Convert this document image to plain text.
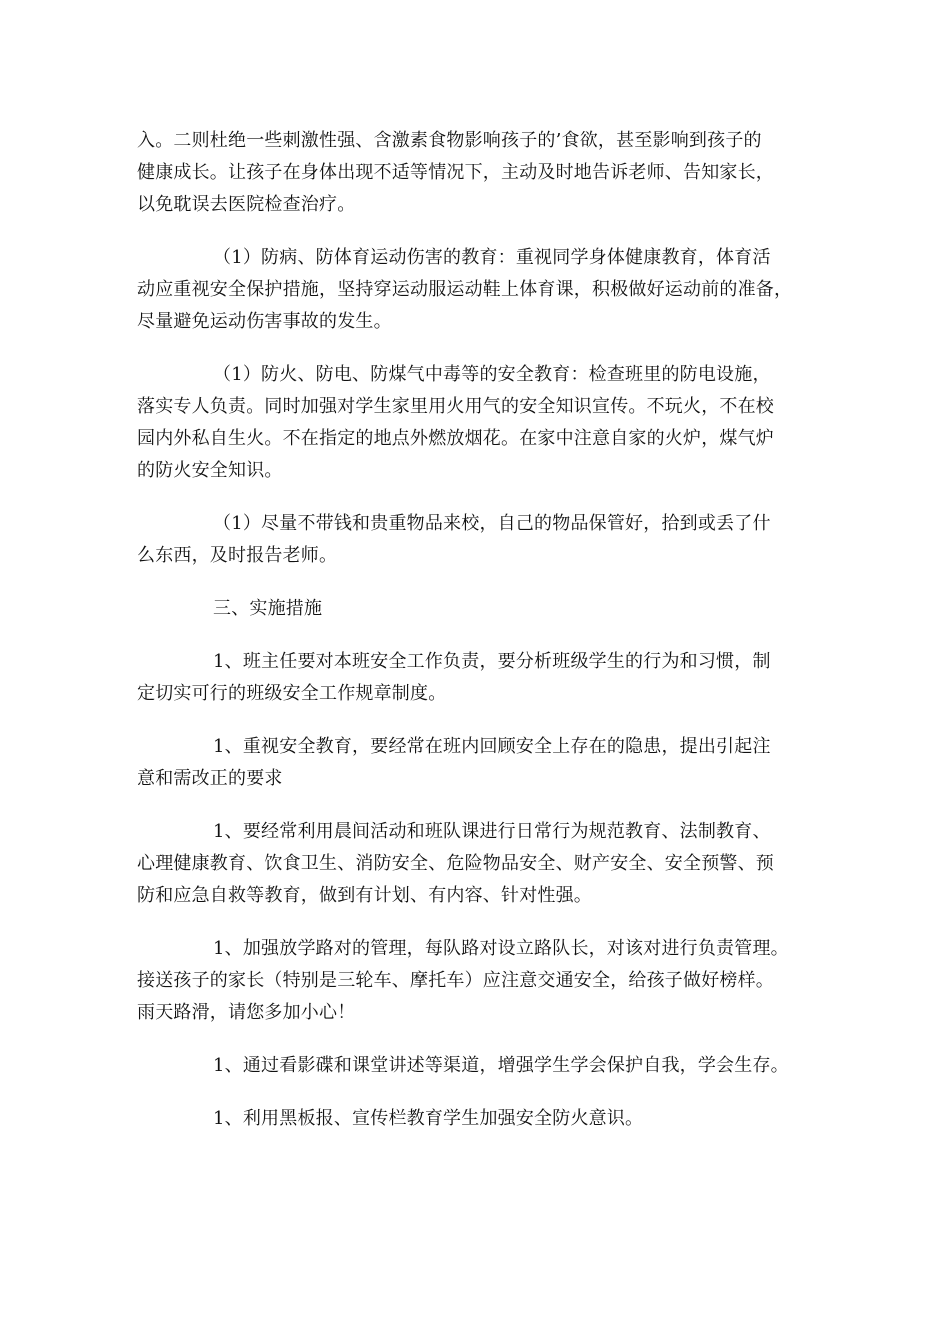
入。二则杜绝一些刺激性强、含激素食物影响孩子的’食欲，甚至影响到孩子的
健康成长。让孩子在身体出现不适等情况下，主动及时地告诉老师、告知家长，
以免耽误去医院检查治疗。
（1）防病、防体育运动伤害的教育：重视同学身体健康教育，体育活
动应重视安全保护措施，坚持穿运动服运动鞋上体育课，积极做好运动前的准备，
尽量避免运动伤害事故的发生。
（1）防火、防电、防煤气中毒等的安全教育：检查班里的防电设施，
落实专人负责。同时加强对学生家里用火用气的安全知识宣传。不玩火，不在校
园内外私自生火。不在指定的地点外燃放烟花。在家中注意自家的火炉，煤气炉
的防火安全知识。
（1）尽量不带钱和贵重物品来校，自己的物品保管好，拾到或丢了什
么东西，及时报告老师。
三、实施措施
1、班主任要对本班安全工作负责，要分析班级学生的行为和习惯，制
定切实可行的班级安全工作规章制度。
1、重视安全教育，要经常在班内回顾安全上存在的隐患，提出引起注
意和需改正的要求
1、要经常利用晨间活动和班队课进行日常行为规范教育、法制教育、
心理健康教育、饮食卫生、消防安全、危险物品安全、财产安全、安全预警、预
防和应急自救等教育，做到有计划、有内容、针对性强。
1、加强放学路对的管理，每队路对设立路队长，对该对进行负责管理。
接送孩子的家长（特别是三轮车、摩托车）应注意交通安全，给孩子做好榜样。
雨天路滑，请您多加小心！
1、通过看影碟和课堂讲述等渠道，增强学生学会保护自我，学会生存。
1、利用黑板报、宣传栏教育学生加强安全防火意识。
